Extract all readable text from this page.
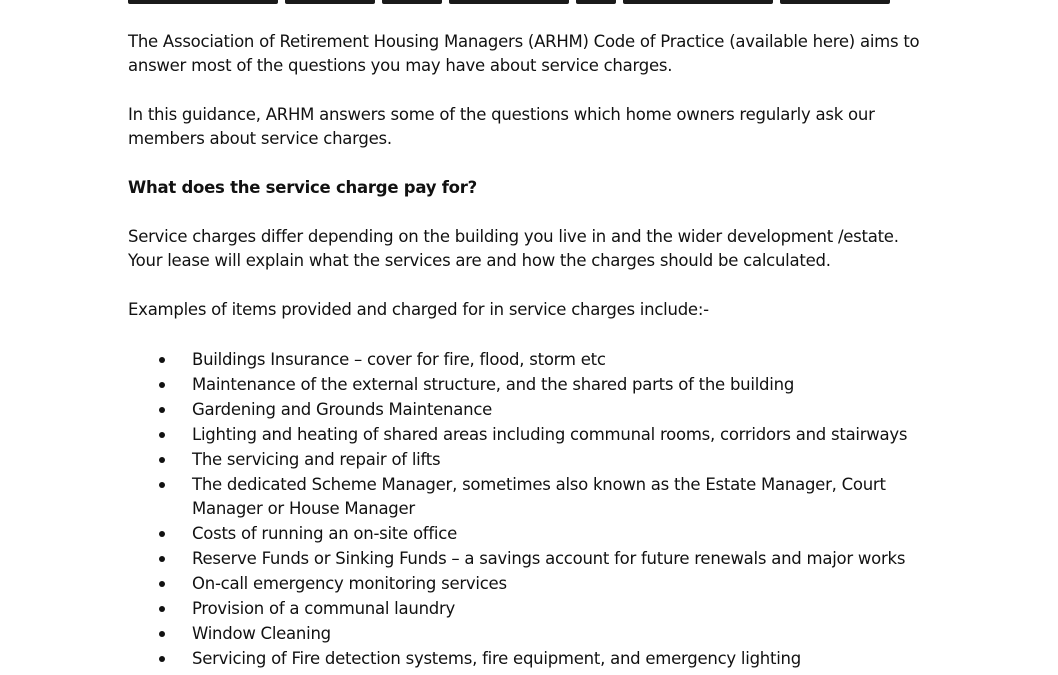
The Association of Retirement Housing Managers (ARHM) Code of Practice (available here) aims to
answer most of the questions you may have about service charges.
In this guidance, ARHM answers some of the questions which home owners regularly ask our
members about service charges.
What does the service charge pay for?
Service charges differ depending on the building you live in and the wider development /estate.
Your lease will explain what the services are and how the charges should be calculated.
Examples of items provided and charged for in service charges include:-
Buildings Insurance – cover for fire, flood, storm etc
Maintenance of the external structure, and the shared parts of the building
Gardening and Grounds Maintenance
Lighting and heating of shared areas including communal rooms, corridors and stairways
The servicing and repair of lifts
The dedicated Scheme Manager, sometimes also known as the Estate Manager, Court
Manager or House Manager
Costs of running an on-site office
Reserve Funds or Sinking Funds – a savings account for future renewals and major works
On-call emergency monitoring services
Provision of a communal laundry
Window Cleaning
Servicing of Fire detection systems, fire equipment, and emergency lighting
